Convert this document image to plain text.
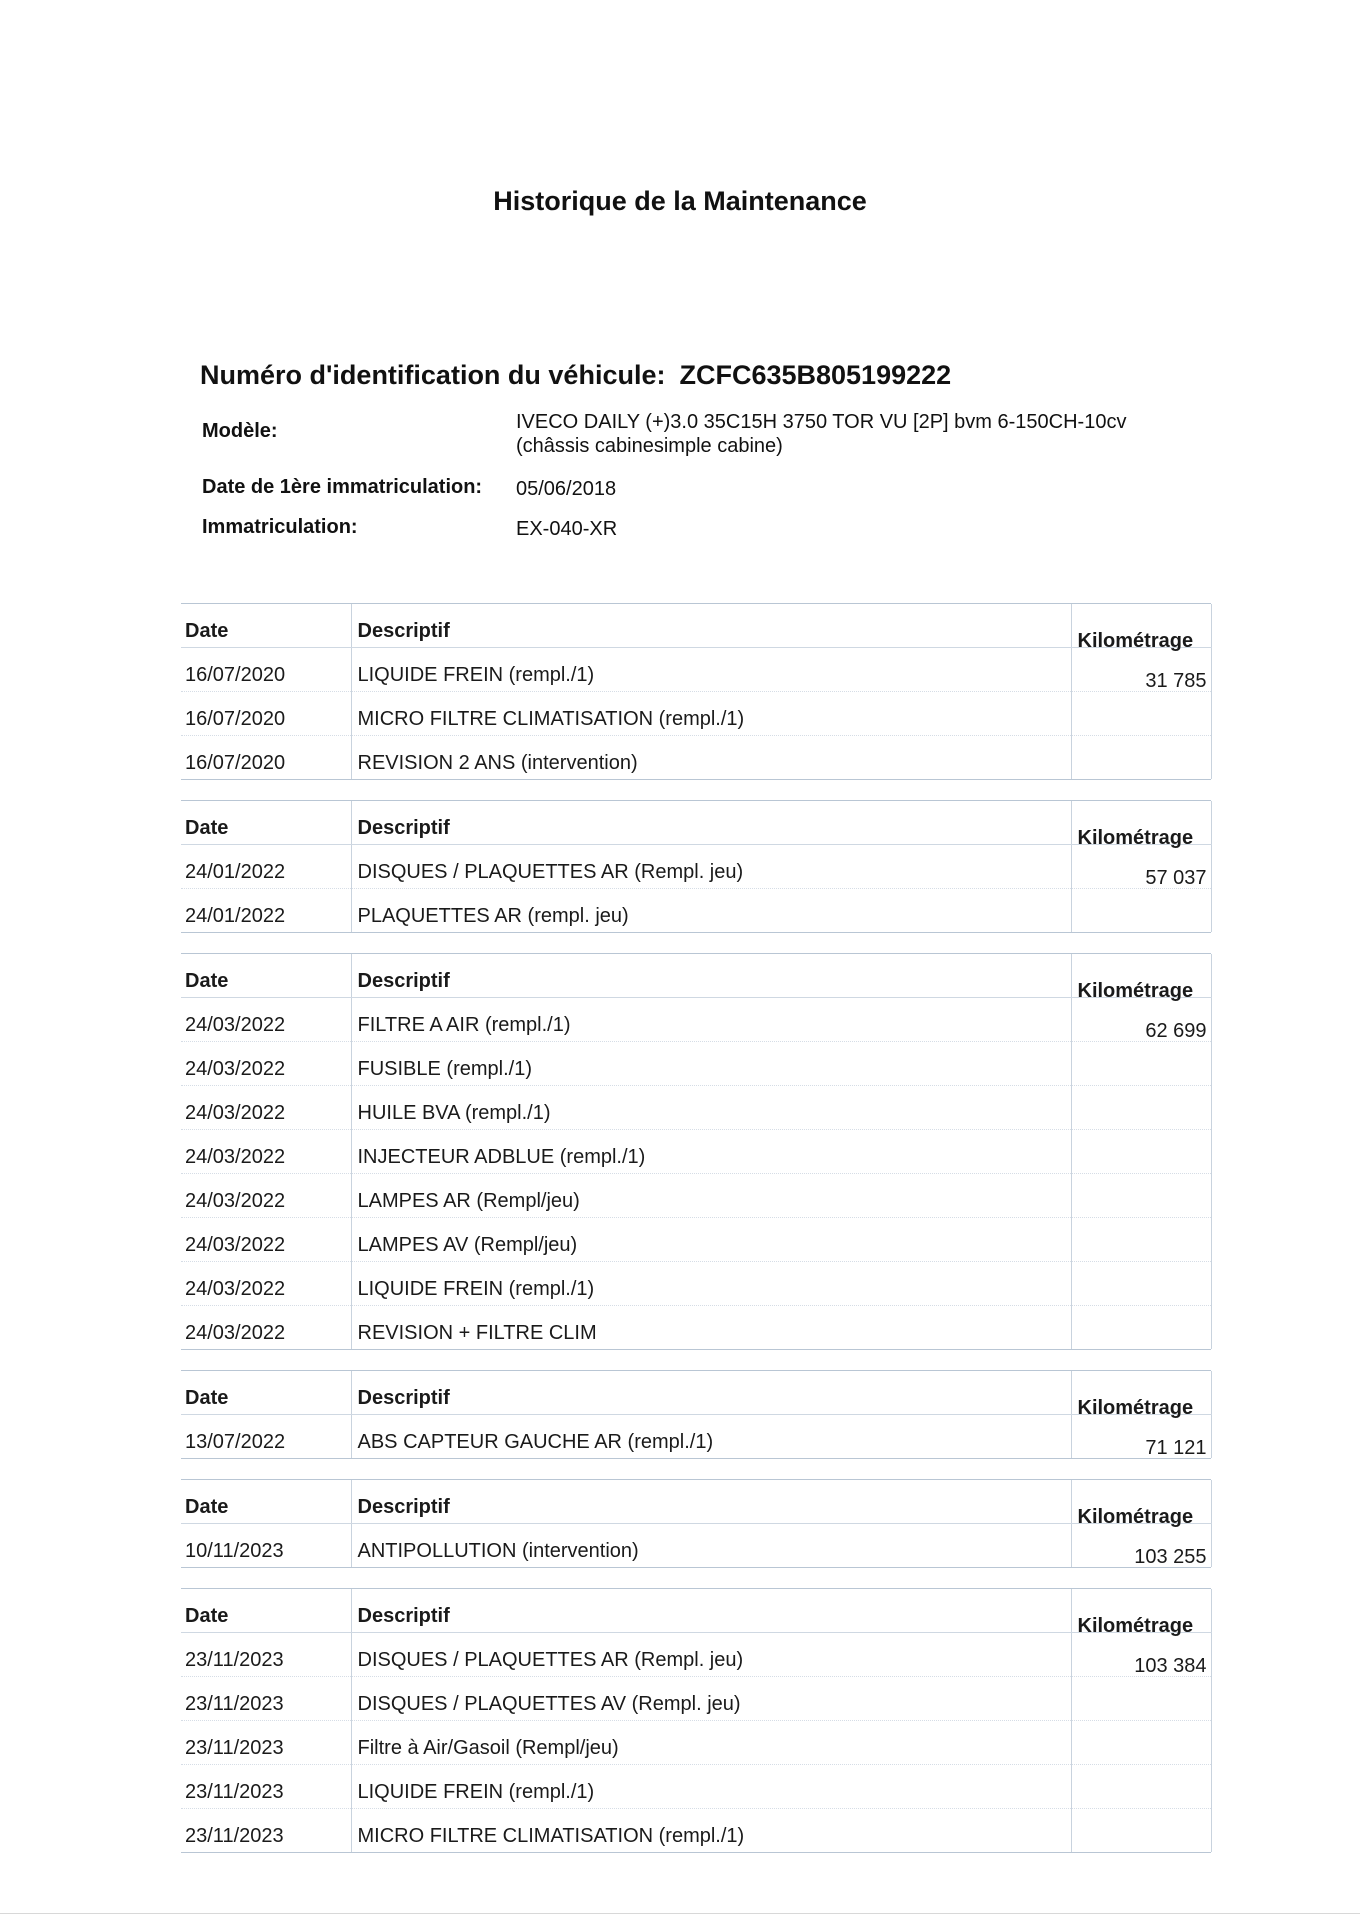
Historique de la Maintenance
Numéro d'identification du véhicule: ZCFC635B805199222
Modèle:	IVECO DAILY (+)3.0 35C15H 3750 TOR VU [2P] bvm 6-150CH-10cv
(châssis cabinesimple cabine)
Date de 1ère immatriculation: 05/06/2018
Immatriculation:	EX-040-XR
Date	Descriptif	Kilométrage
16/07/2020	LIQUIDE FREIN (rempl./1)	31 785
16/07/2020	MICRO FILTRE CLIMATISATION (rempl./1)	
16/07/2020	REVISION 2 ANS (intervention)	
Date	Descriptif	Kilométrage
24/01/2022	DISQUES / PLAQUETTES AR (Rempl. jeu)	57 037
24/01/2022	PLAQUETTES AR (rempl. jeu)	
Date	Descriptif	Kilométrage
24/03/2022	FILTRE A AIR (rempl./1)	62 699
24/03/2022	FUSIBLE (rempl./1)	
24/03/2022	HUILE BVA (rempl./1)	
24/03/2022	INJECTEUR ADBLUE (rempl./1)	
24/03/2022	LAMPES AR (Rempl/jeu)	
24/03/2022	LAMPES AV (Rempl/jeu)	
24/03/2022	LIQUIDE FREIN (rempl./1)	
24/03/2022	REVISION + FILTRE CLIM	
Date	Descriptif	Kilométrage
13/07/2022	ABS CAPTEUR GAUCHE AR (rempl./1)	71 121
Date	Descriptif	Kilométrage
10/11/2023	ANTIPOLLUTION (intervention)	103 255
Date	Descriptif	Kilométrage
23/11/2023	DISQUES / PLAQUETTES AR (Rempl. jeu)	103 384
23/11/2023	DISQUES / PLAQUETTES AV (Rempl. jeu)	
23/11/2023	Filtre à Air/Gasoil (Rempl/jeu)	
23/11/2023	LIQUIDE FREIN (rempl./1)	
23/11/2023	MICRO FILTRE CLIMATISATION (rempl./1)	
